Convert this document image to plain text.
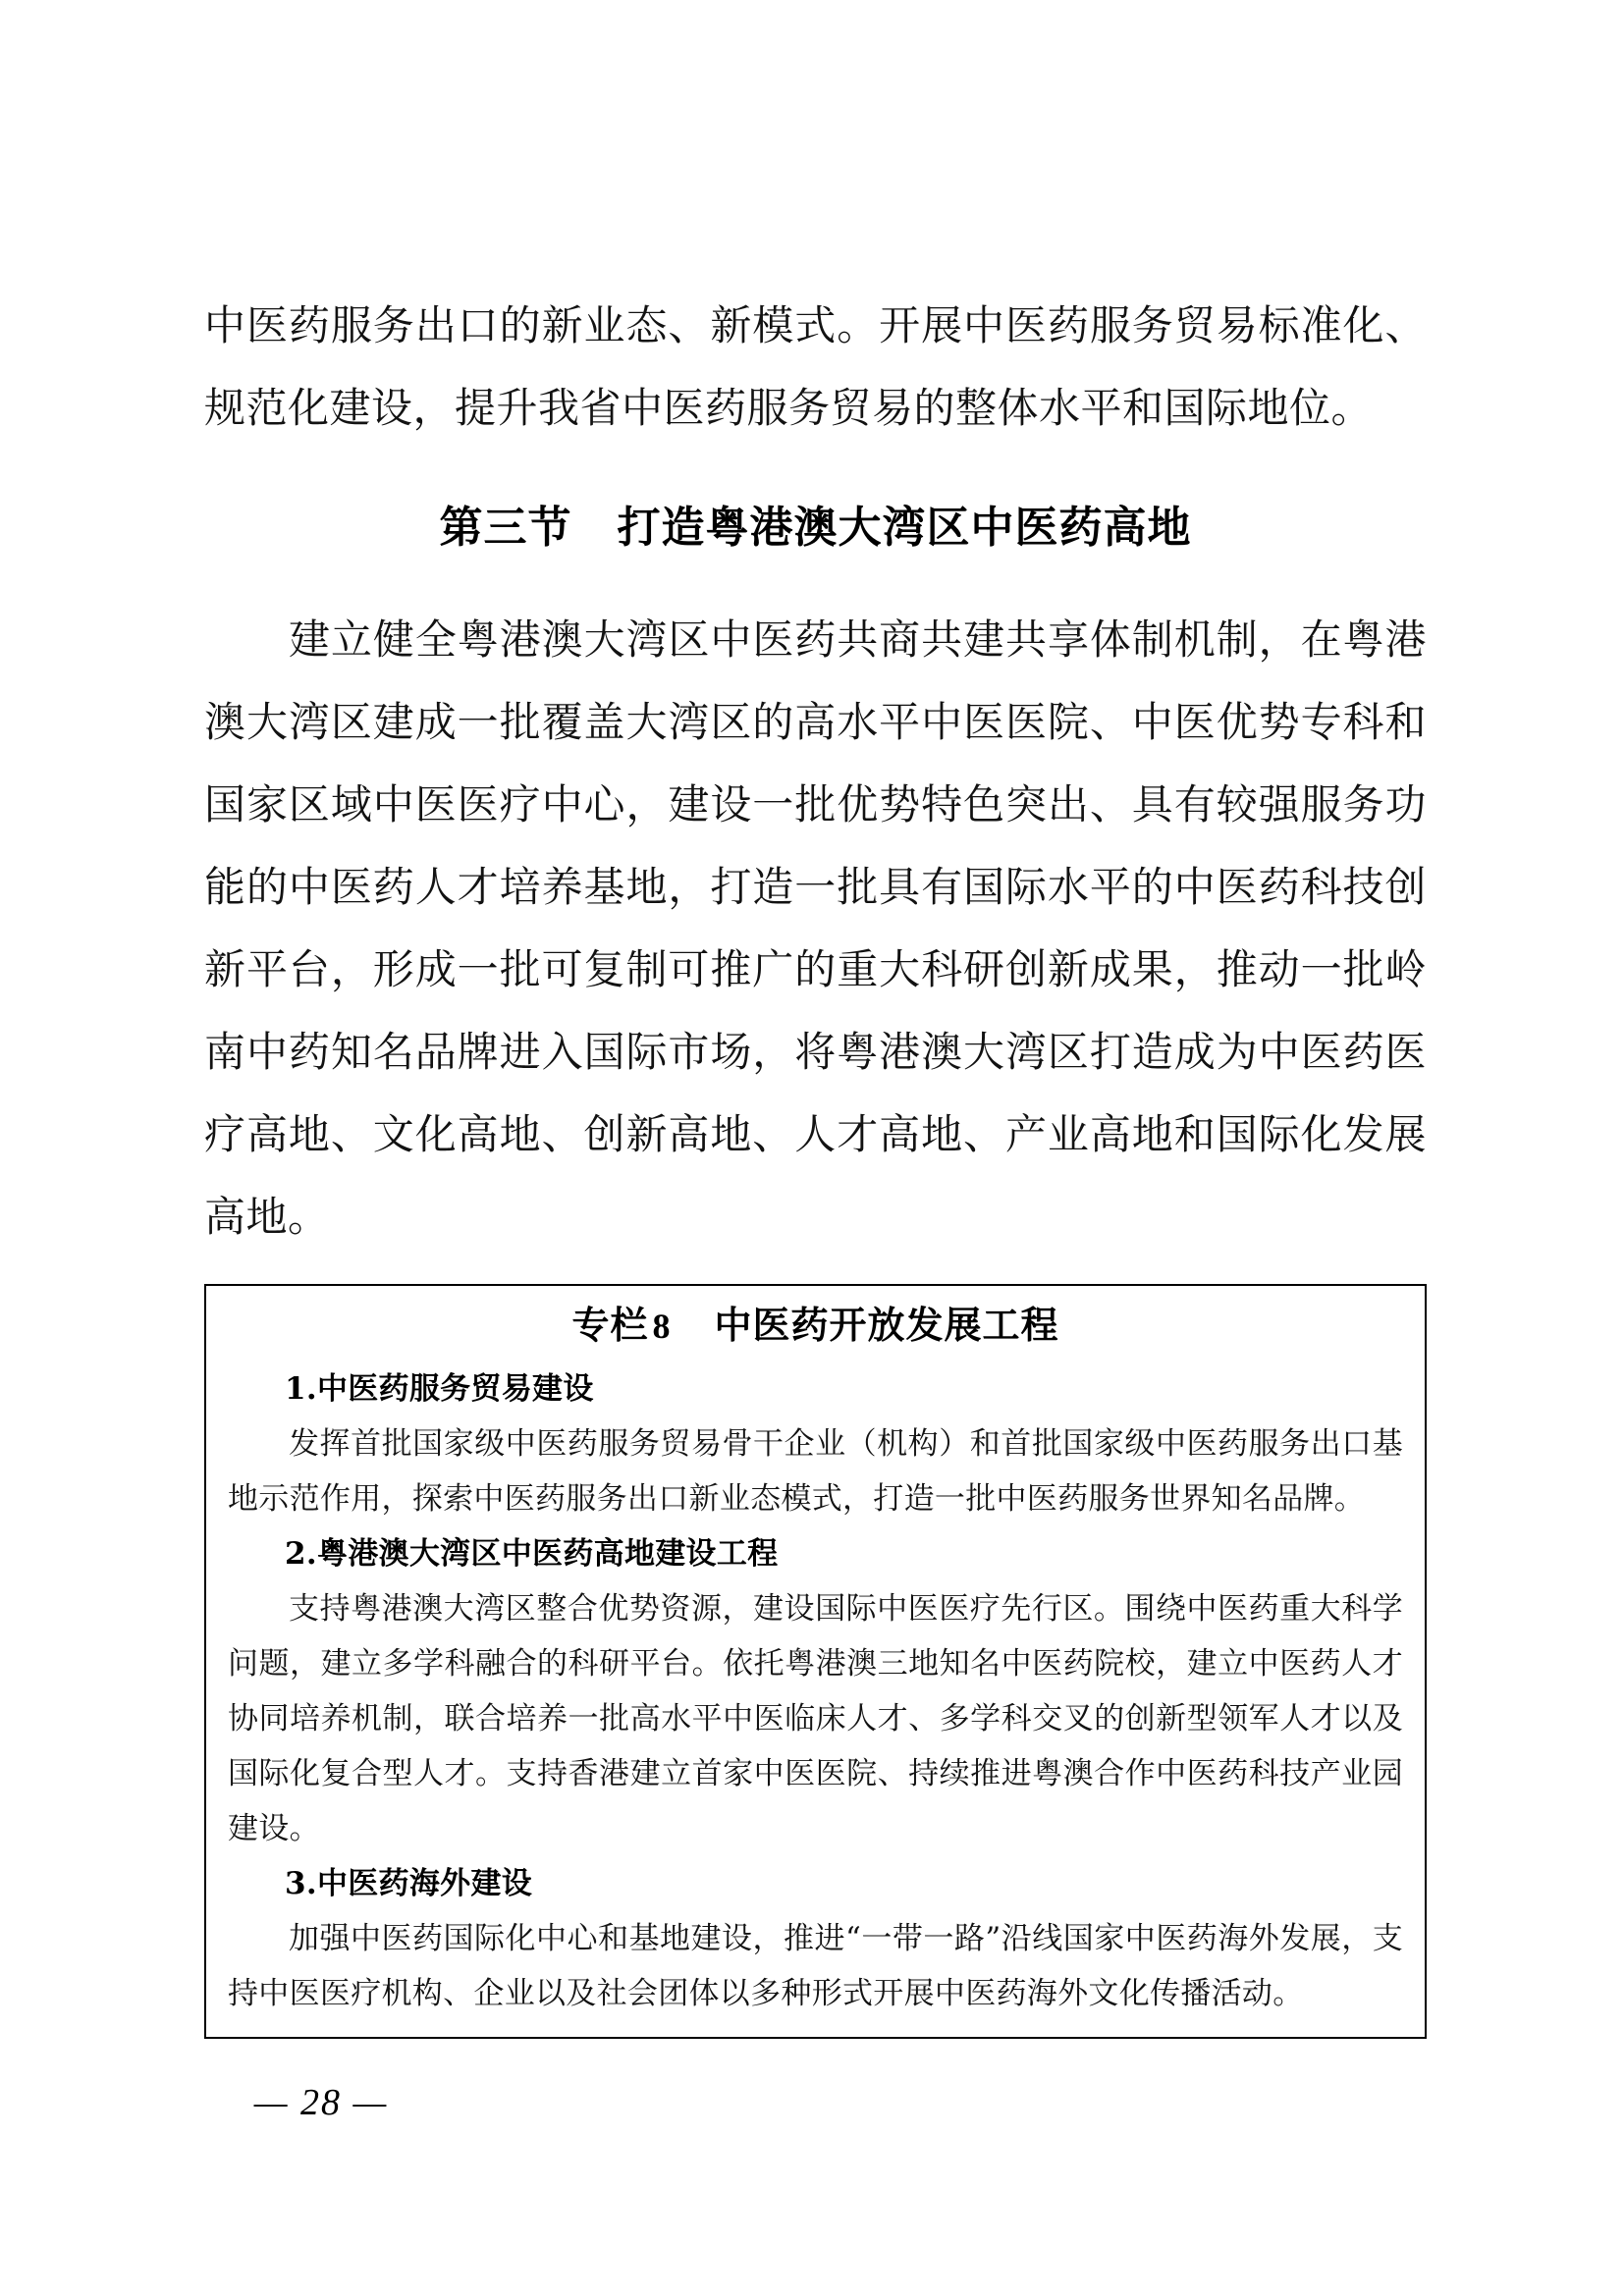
中医药服务出口的新业态、新模式。开展中医药服务贸易标准化、规范化建设，提升我省中医药服务贸易的整体水平和国际地位。

第三节 打造粤港澳大湾区中医药高地

建立健全粤港澳大湾区中医药共商共建共享体制机制，在粤港澳大湾区建成一批覆盖大湾区的高水平中医医院、中医优势专科和国家区域中医医疗中心，建设一批优势特色突出、具有较强服务功能的中医药人才培养基地，打造一批具有国际水平的中医药科技创新平台，形成一批可复制可推广的重大科研创新成果，推动一批岭南中药知名品牌进入国际市场，将粤港澳大湾区打造成为中医药医疗高地、文化高地、创新高地、人才高地、产业高地和国际化发展高地。

专栏 8 中医药开放发展工程

1.中医药服务贸易建设

发挥首批国家级中医药服务贸易骨干企业（机构）和首批国家级中医药服务出口基地示范作用，探索中医药服务出口新业态模式，打造一批中医药服务世界知名品牌。

2.粤港澳大湾区中医药高地建设工程

支持粤港澳大湾区整合优势资源，建设国际中医医疗先行区。围绕中医药重大科学问题，建立多学科融合的科研平台。依托粤港澳三地知名中医药院校，建立中医药人才协同培养机制，联合培养一批高水平中医临床人才、多学科交叉的创新型领军人才以及国际化复合型人才。支持香港建立首家中医医院、持续推进粤澳合作中医药科技产业园建设。

3.中医药海外建设

加强中医药国际化中心和基地建设，推进“一带一路”沿线国家中医药海外发展，支持中医医疗机构、企业以及社会团体以多种形式开展中医药海外文化传播活动。

— 28 —
